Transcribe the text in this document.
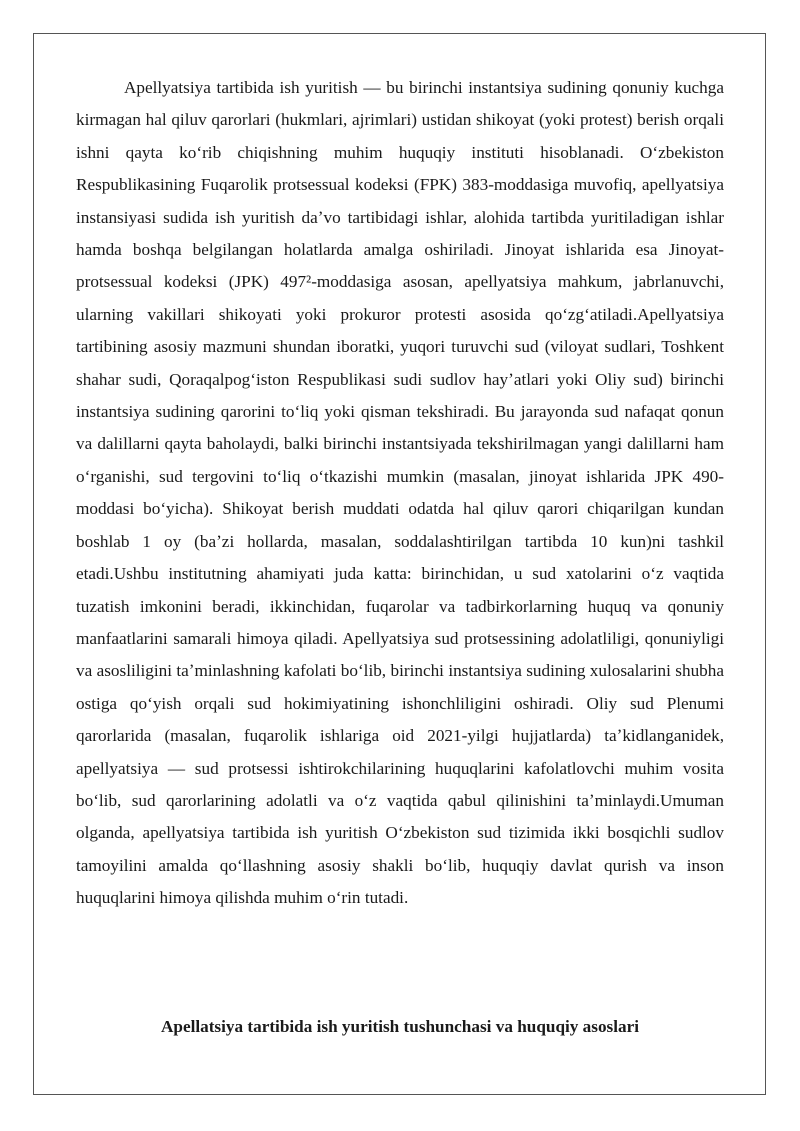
Apellyatsiya tartibida ish yuritish — bu birinchi instantsiya sudining qonuniy kuchga kirmagan hal qiluv qarorlari (hukmlari, ajrimlari) ustidan shikoyat (yoki protest) berish orqali ishni qayta koʻrib chiqishning muhim huquqiy instituti hisoblanadi. Oʻzbekiston Respublikasining Fuqarolik protsessual kodeksi (FPK) 383-moddasiga muvofiq, apellyatsiya instansiyasi sudida ish yuritish daʼvo tartibidagi ishlar, alohida tartibda yuritiladigan ishlar hamda boshqa belgilangan holatlarda amalga oshiriladi. Jinoyat ishlarida esa Jinoyat-protsessual kodeksi (JPK) 497²-moddasiga asosan, apellyatsiya mahkum, jabrlanuvchi, ularning vakillari shikoyati yoki prokuror protesti asosida qoʻzgʻatiladi.Apellyatsiya tartibining asosiy mazmuni shundan iboratki, yuqori turuvchi sud (viloyat sudlari, Toshkent shahar sudi, Qoraqalpogʻiston Respublikasi sudi sudlov hayʼatlari yoki Oliy sud) birinchi instantsiya sudining qarorini toʻliq yoki qisman tekshiradi. Bu jarayonda sud nafaqat qonun va dalillarni qayta baholaydi, balki birinchi instantsiyada tekshirilmagan yangi dalillarni ham oʻrganishi, sud tergovini toʻliq oʻtkazishi mumkin (masalan, jinoyat ishlarida JPK 490-moddasi boʻyicha). Shikoyat berish muddati odatda hal qiluv qarori chiqarilgan kundan boshlab 1 oy (baʼzi hollarda, masalan, soddalashtirilgan tartibda 10 kun)ni tashkil etadi.Ushbu institutning ahamiyati juda katta: birinchidan, u sud xatolarini oʻz vaqtida tuzatish imkonini beradi, ikkinchidan, fuqarolar va tadbirkorlarning huquq va qonuniy manfaatlarini samarali himoya qiladi. Apellyatsiya sud protsessining adolatliligi, qonuniyligi va asosliligini taʼminlashning kafolati boʻlib, birinchi instantsiya sudining xulosalarini shubha ostiga qoʻyish orqali sud hokimiyatining ishonchliligini oshiradi. Oliy sud Plenumi qarorlarida (masalan, fuqarolik ishlariga oid 2021-yilgi hujjatlarda) taʼkidlanganidek, apellyatsiya — sud protsessi ishtirokchilarining huquqlarini kafolatlovchi muhim vosita boʻlib, sud qarorlarining adolatli va oʻz vaqtida qabul qilinishini taʼminlaydi.Umuman olganda, apellyatsiya tartibida ish yuritish Oʻzbekiston sud tizimida ikki bosqichli sudlov tamoyilini amalda qoʻllashning asosiy shakli boʻlib, huquqiy davlat qurish va inson huquqlarini himoya qilishda muhim oʻrin tutadi.

Apellatsiya tartibida ish yuritish tushunchasi va huquqiy asoslari
